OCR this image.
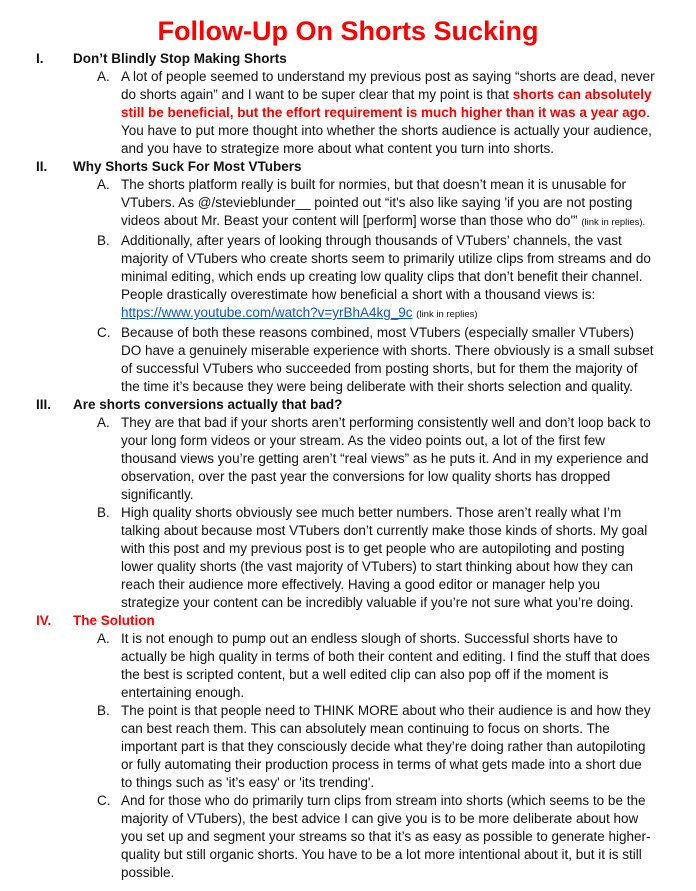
Follow-Up On Shorts Sucking
I. Don’t Blindly Stop Making Shorts
A. A lot of people seemed to understand my previous post as saying “shorts are dead, never do shorts again” and I want to be super clear that my point is that shorts can absolutely still be beneficial, but the effort requirement is much higher than it was a year ago. You have to put more thought into whether the shorts audience is actually your audience, and you have to strategize more about what content you turn into shorts.
II. Why Shorts Suck For Most VTubers
A. The shorts platform really is built for normies, but that doesn’t mean it is unusable for VTubers. As @/stevieblunder__ pointed out “it's also like saying 'if you are not posting videos about Mr. Beast your content will [perform] worse than those who do'” (link in replies).
B. Additionally, after years of looking through thousands of VTubers’ channels, the vast majority of VTubers who create shorts seem to primarily utilize clips from streams and do minimal editing, which ends up creating low quality clips that don’t benefit their channel. People drastically overestimate how beneficial a short with a thousand views is: https://www.youtube.com/watch?v=yrBhA4kg_9c (link in replies)
C. Because of both these reasons combined, most VTubers (especially smaller VTubers) DO have a genuinely miserable experience with shorts. There obviously is a small subset of successful VTubers who succeeded from posting shorts, but for them the majority of the time it’s because they were being deliberate with their shorts selection and quality.
III. Are shorts conversions actually that bad?
A. They are that bad if your shorts aren’t performing consistently well and don’t loop back to your long form videos or your stream. As the video points out, a lot of the first few thousand views you’re getting aren’t “real views” as he puts it. And in my experience and observation, over the past year the conversions for low quality shorts has dropped significantly.
B. High quality shorts obviously see much better numbers. Those aren’t really what I’m talking about because most VTubers don’t currently make those kinds of shorts. My goal with this post and my previous post is to get people who are autopiloting and posting lower quality shorts (the vast majority of VTubers) to start thinking about how they can reach their audience more effectively. Having a good editor or manager help you strategize your content can be incredibly valuable if you’re not sure what you’re doing.
IV. The Solution
A. It is not enough to pump out an endless slough of shorts. Successful shorts have to actually be high quality in terms of both their content and editing. I find the stuff that does the best is scripted content, but a well edited clip can also pop off if the moment is entertaining enough.
B. The point is that people need to THINK MORE about who their audience is and how they can best reach them. This can absolutely mean continuing to focus on shorts. The important part is that they consciously decide what they’re doing rather than autopiloting or fully automating their production process in terms of what gets made into a short due to things such as 'it’s easy' or 'its trending'.
C. And for those who do primarily turn clips from stream into shorts (which seems to be the majority of VTubers), the best advice I can give you is to be more deliberate about how you set up and segment your streams so that it’s as easy as possible to generate higher-quality but still organic shorts. You have to be a lot more intentional about it, but it is still possible.
